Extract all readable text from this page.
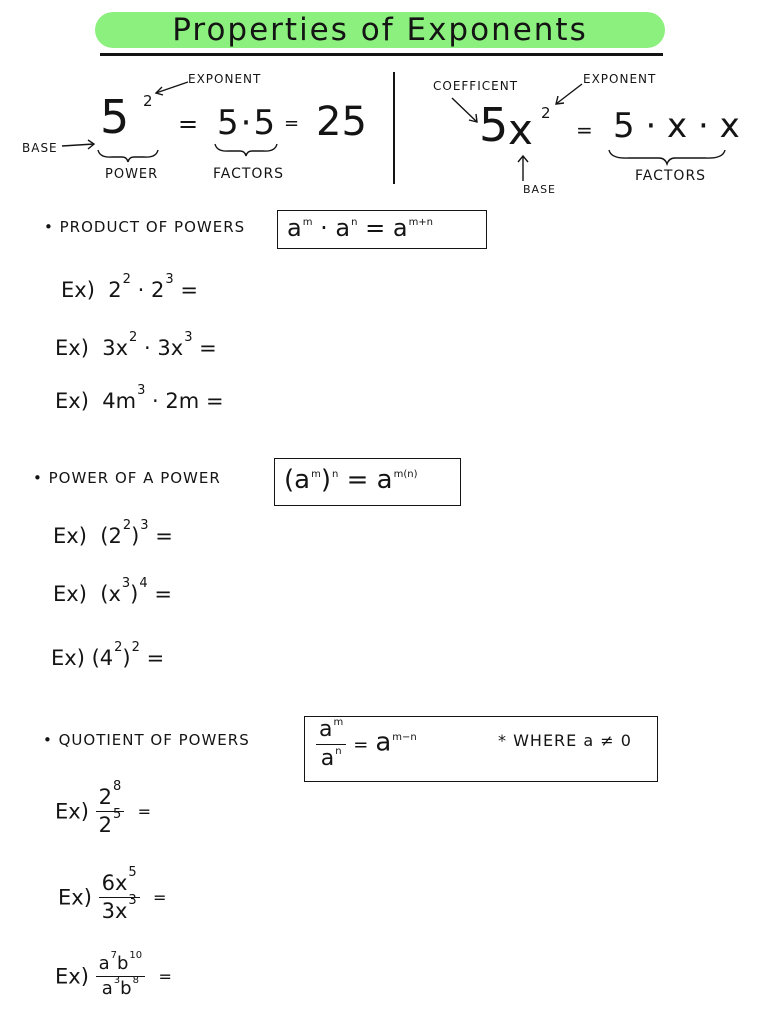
Properties of Exponents
EXPONENT
BASE
5 2
= 5·5 = 25
POWER	FACTORS
COEFFICENT	EXPONENT
5 x 2
BASE
= 5 · x · x
FACTORS
• PRODUCT OF POWERS $a^m \cdot a^n = a^{m+n}$
Ex) $2^2 \cdot 2^3$ =
Ex) $3x^2 \cdot 3x^3$ =
Ex) $4m^3 \cdot 2m$ =
• POWER OF A POWER $(a^m)^n = a^{m(n)}$
Ex) $(2^2)^3$ =
Ex) $(x^3)^4$ =
Ex) $(4^2)^2$ =
• QUOTIENT OF POWERS	$\frac{a^m}{a^n} = a^{m-n}$	* WHERE a ≠ 0
$Ex) \frac{2^8}{2^5}$ =
$Ex) \frac{6x^5}{3x^3}$ =
$Ex) \frac{a^7b^{10}}{a^3b^8}$ =
